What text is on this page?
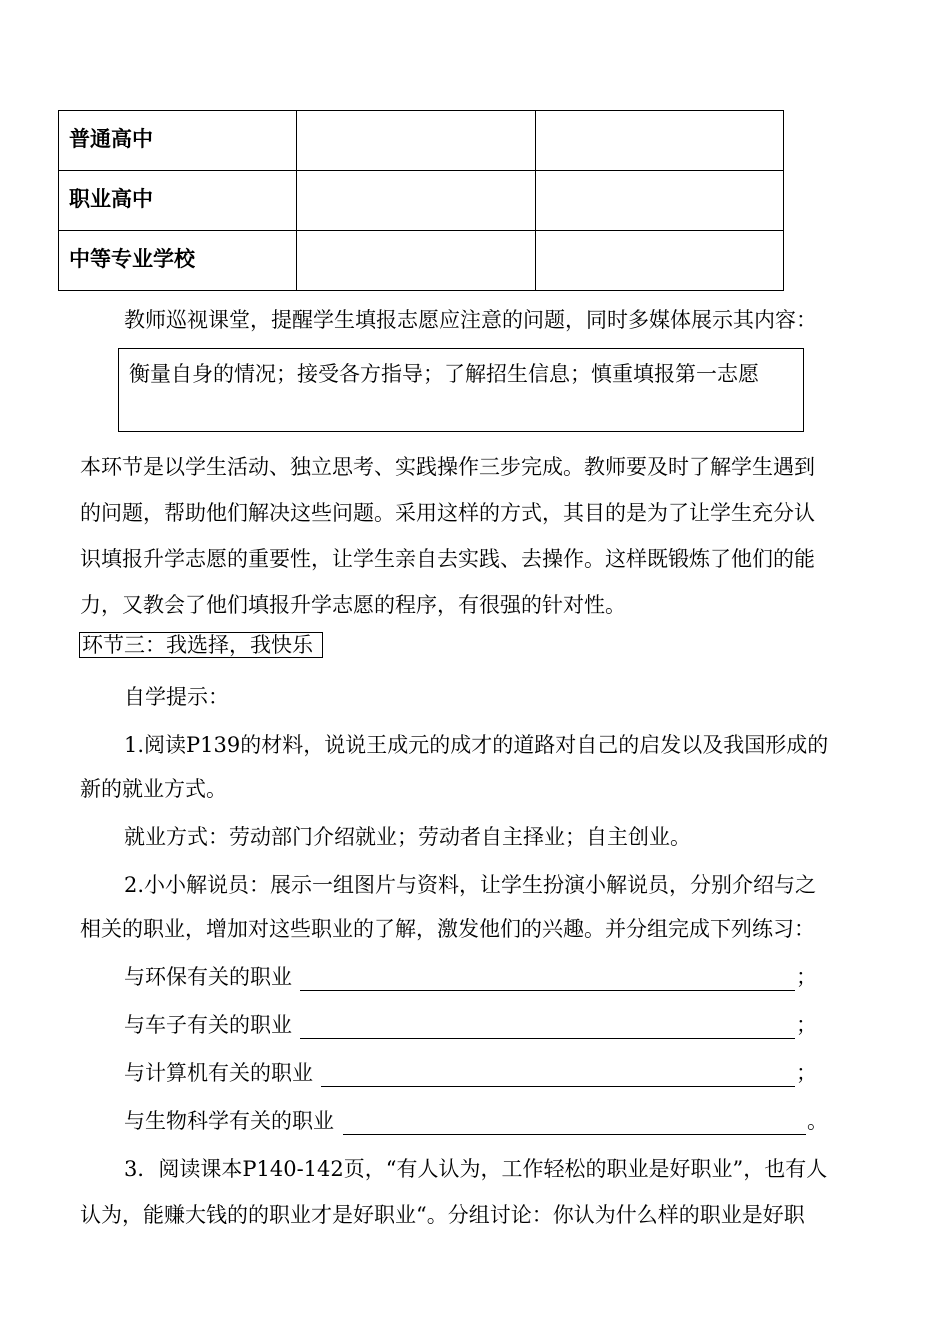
普通高中		
职业高中		
中等专业学校		
教师巡视课堂，提醒学生填报志愿应注意的问题，同时多媒体展示其内容：
衡量自身的情况；接受各方指导；了解招生信息；慎重填报第一志愿
本环节是以学生活动、独立思考、实践操作三步完成。教师要及时了解学生遇到
的问题，帮助他们解决这些问题。采用这样的方式，其目的是为了让学生充分认
识填报升学志愿的重要性，让学生亲自去实践、去操作。这样既锻炼了他们的能
力，又教会了他们填报升学志愿的程序，有很强的针对性。
环节三：我选择，我快乐
自学提示：
1.阅读P139的材料，说说王成元的成才的道路对自己的启发以及我国形成的
新的就业方式。
就业方式：劳动部门介绍就业；劳动者自主择业；自主创业。
2.小小解说员：展示一组图片与资料，让学生扮演小解说员，分别介绍与之
相关的职业，增加对这些职业的了解，激发他们的兴趣。并分组完成下列练习：
与环保有关的职业	；
与车子有关的职业	；
与计算机有关的职业	；
与生物科学有关的职业	。
3．阅读课本P140-142页，“有人认为，工作轻松的职业是好职业”，也有人
认为，能赚大钱的的职业才是好职业“。分组讨论：你认为什么样的职业是好职
